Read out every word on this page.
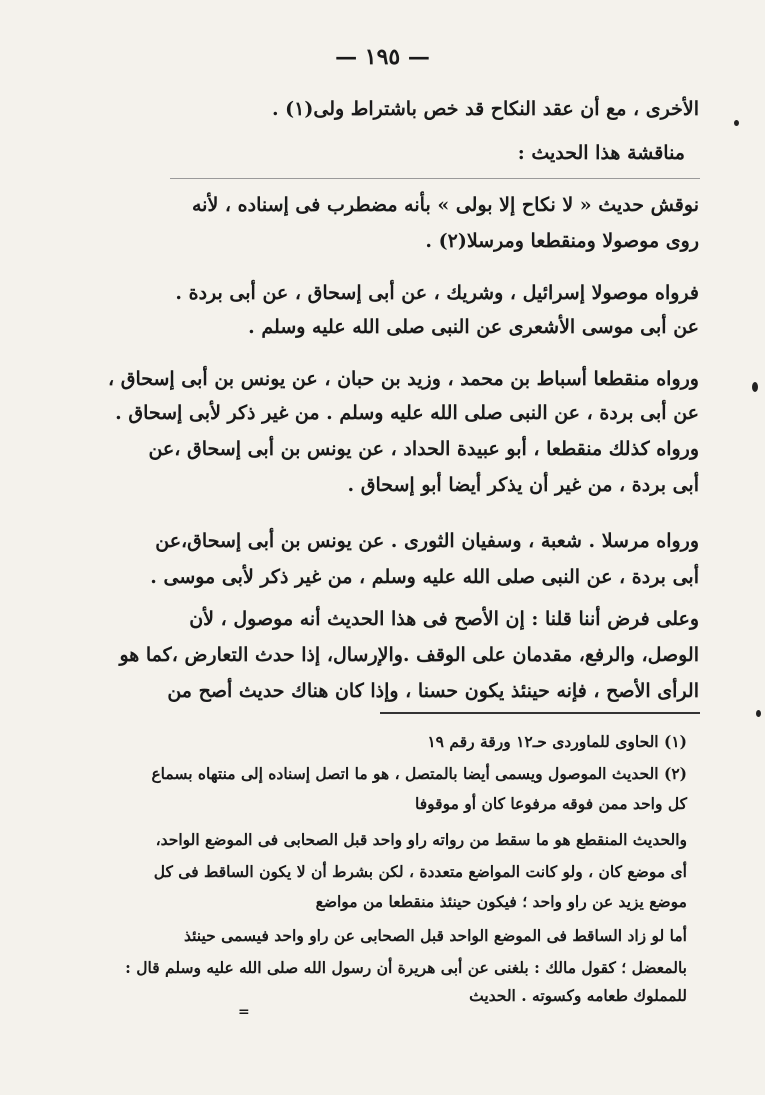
— ١٩٥ —
الأخرى ، مع أن عقد النكاح قد خص باشتراط ولى(١) .
مناقشة هذا الحديث :
نوقش حديث « لا نكاح إلا بولى » بأنه مضطرب فى إسناده ، لأنه
روى موصولا ومنقطعا ومرسلا(٢) .
فرواه موصولا إسرائيل ، وشريك ، عن أبى إسحاق ، عن أبى بردة .
عن أبى موسى الأشعرى عن النبى صلى الله عليه وسلم .
ورواه منقطعا أسباط بن محمد ، وزيد بن حبان ، عن يونس بن أبى إسحاق ،
عن أبى بردة ، عن النبى صلى الله عليه وسلم . من غير ذكر لأبى إسحاق .
ورواه كذلك منقطعا ، أبو عبيدة الحداد ، عن يونس بن أبى إسحاق ،عن
أبى بردة ، من غير أن يذكر أيضا أبو إسحاق .
ورواه مرسلا . شعبة ، وسفيان الثورى . عن يونس بن أبى إسحاق،عن
أبى بردة ، عن النبى صلى الله عليه وسلم ، من غير ذكر لأبى موسى .
وعلى فرض أننا قلنا : إن الأصح فى هذا الحديث أنه موصول ، لأن
الوصل، والرفع، مقدمان على الوقف .والإرسال، إذا حدث التعارض ،كما هو
الرأى الأصح ، فإنه حينئذ يكون حسنا ، وإذا كان هناك حديث أصح من
(١) الحاوى للماوردى حـ١٢ ورقة رقم ١٩
(٢) الحديث الموصول ويسمى أيضا بالمتصل ، هو ما اتصل إسناده إلى منتهاه بسماع
كل واحد ممن فوقه مرفوعا كان أو موقوفا
والحديث المنقطع هو ما سقط من رواته راو واحد قبل الصحابى فى الموضع الواحد،
أى موضع كان ، ولو كانت المواضع متعددة ، لكن بشرط أن لا يكون الساقط فى كل
موضع يزيد عن راو واحد ؛ فيكون حينئذ منقطعا من مواضع
أما لو زاد الساقط فى الموضع الواحد قبل الصحابى عن راو واحد فيسمى حينئذ
بالمعضل ؛ كقول مالك : بلغنى عن أبى هريرة أن رسول الله صلى الله عليه وسلم قال :
للمملوك طعامه وكسوته . الحديث
=
